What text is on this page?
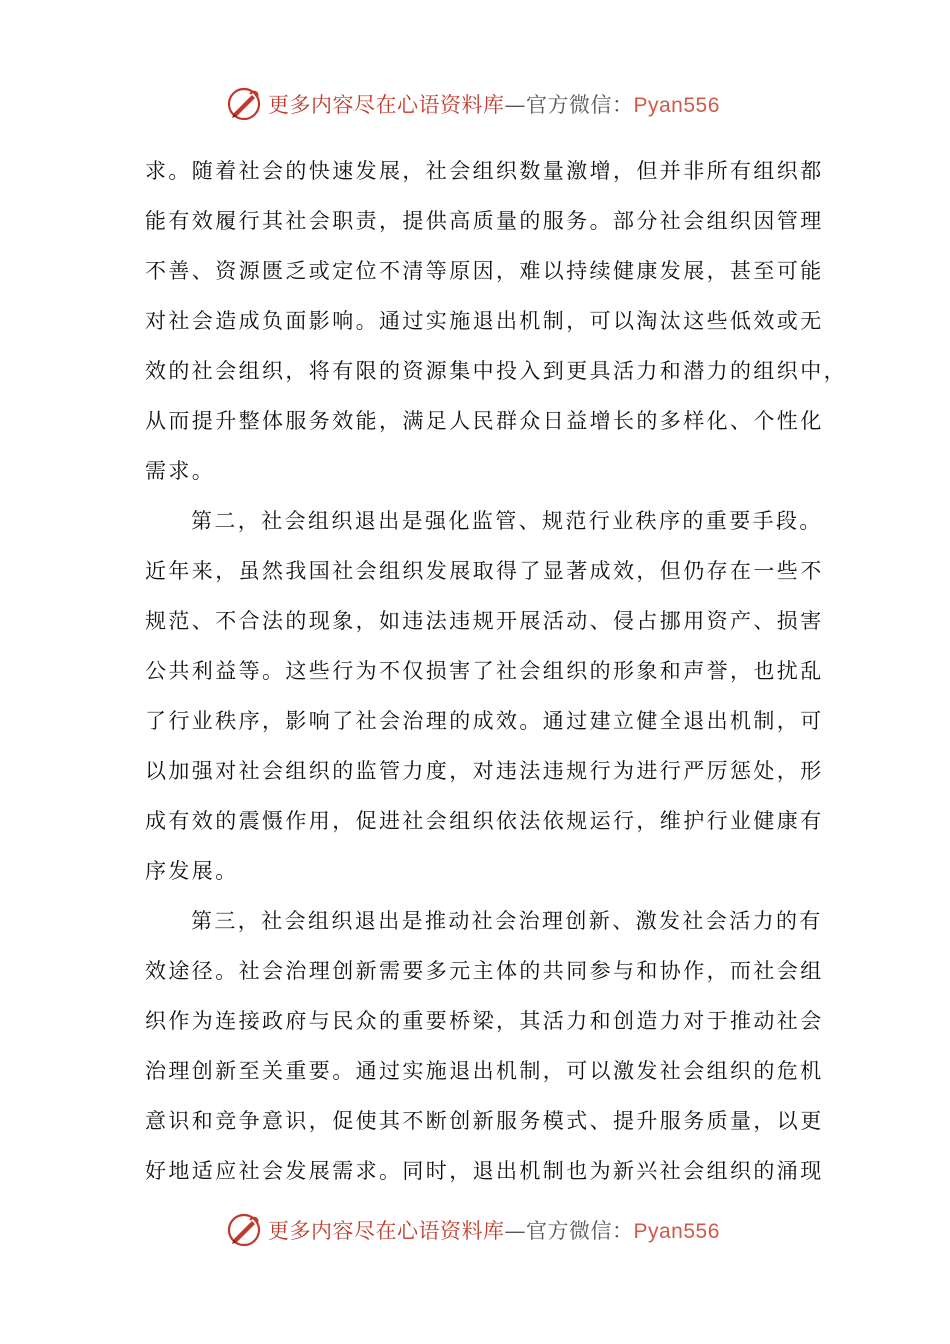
更多内容尽在心语资料库—官方微信：Pyan556
求。随着社会的快速发展，社会组织数量激增，但并非所有组织都
能有效履行其社会职责，提供高质量的服务。部分社会组织因管理
不善、资源匮乏或定位不清等原因，难以持续健康发展，甚至可能
对社会造成负面影响。通过实施退出机制，可以淘汰这些低效或无
效的社会组织，将有限的资源集中投入到更具活力和潜力的组织中，
从而提升整体服务效能，满足人民群众日益增长的多样化、个性化
需求。
第二，社会组织退出是强化监管、规范行业秩序的重要手段。
近年来，虽然我国社会组织发展取得了显著成效，但仍存在一些不
规范、不合法的现象，如违法违规开展活动、侵占挪用资产、损害
公共利益等。这些行为不仅损害了社会组织的形象和声誉，也扰乱
了行业秩序，影响了社会治理的成效。通过建立健全退出机制，可
以加强对社会组织的监管力度，对违法违规行为进行严厉惩处，形
成有效的震慑作用，促进社会组织依法依规运行，维护行业健康有
序发展。
第三，社会组织退出是推动社会治理创新、激发社会活力的有
效途径。社会治理创新需要多元主体的共同参与和协作，而社会组
织作为连接政府与民众的重要桥梁，其活力和创造力对于推动社会
治理创新至关重要。通过实施退出机制，可以激发社会组织的危机
意识和竞争意识，促使其不断创新服务模式、提升服务质量，以更
好地适应社会发展需求。同时，退出机制也为新兴社会组织的涌现
更多内容尽在心语资料库—官方微信：Pyan556
